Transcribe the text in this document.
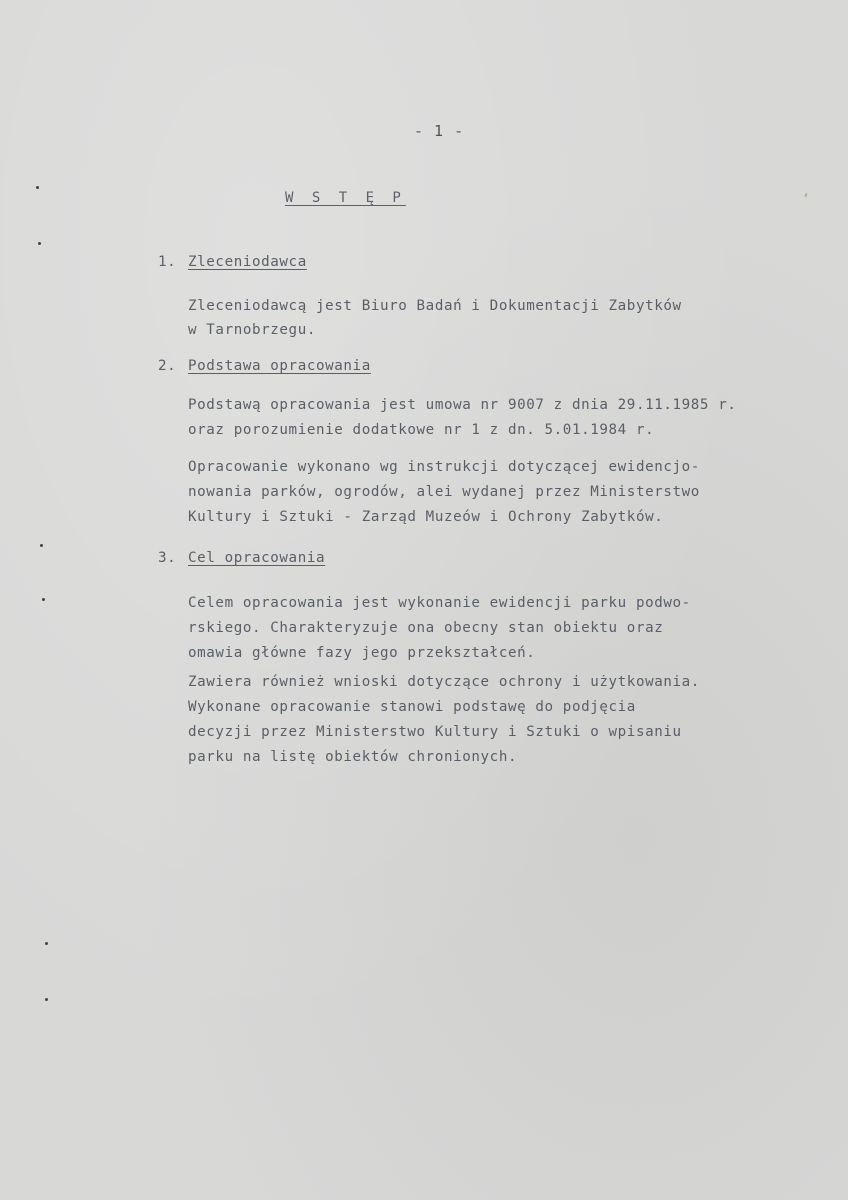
- 1 -
W S T Ę P
1. Zleceniodawca
Zleceniodawcą jest Biuro Badań i Dokumentacji Zabytków
w Tarnobrzegu.
2. Podstawa opracowania
Podstawą opracowania jest umowa nr 9007 z dnia 29.11.1985 r.
oraz porozumienie dodatkowe nr 1 z dn. 5.01.1984 r.
Opracowanie wykonano wg instrukcji dotyczącej ewidencjo-
nowania parków, ogrodów, alei wydanej przez Ministerstwo
Kultury i Sztuki - Zarząd Muzeów i Ochrony Zabytków.
3. Cel opracowania
Celem opracowania jest wykonanie ewidencji parku podwo-
rskiego. Charakteryzuje ona obecny stan obiektu oraz
omawia główne fazy jego przekształceń.
Zawiera również wnioski dotyczące ochrony i użytkowania.
Wykonane opracowanie stanowi podstawę do podjęcia
decyzji przez Ministerstwo Kultury i Sztuki o wpisaniu
parku na listę obiektów chronionych.
